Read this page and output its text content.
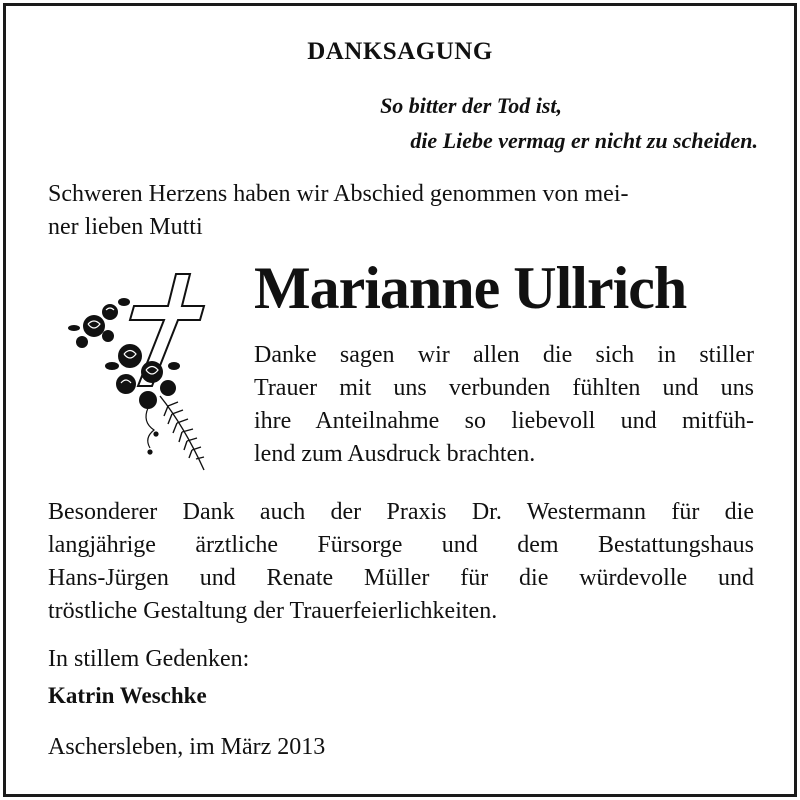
DANKSAGUNG
So bitter der Tod ist,
die Liebe vermag er nicht zu scheiden.
Schweren Herzens haben wir Abschied genommen von mei-
ner lieben Mutti
Marianne Ullrich
Danke sagen wir allen die sich in stiller
Trauer mit uns verbunden fühlten und uns
ihre Anteilnahme so liebevoll und mitfüh-
lend zum Ausdruck brachten.
Besonderer Dank auch der Praxis Dr. Westermann für die
langjährige ärztliche Fürsorge und dem Bestattungshaus
Hans-Jürgen und Renate Müller für die würdevolle und
tröstliche Gestaltung der Trauerfeierlichkeiten.
In stillem Gedenken:
Katrin Weschke
Aschersleben, im März 2013
